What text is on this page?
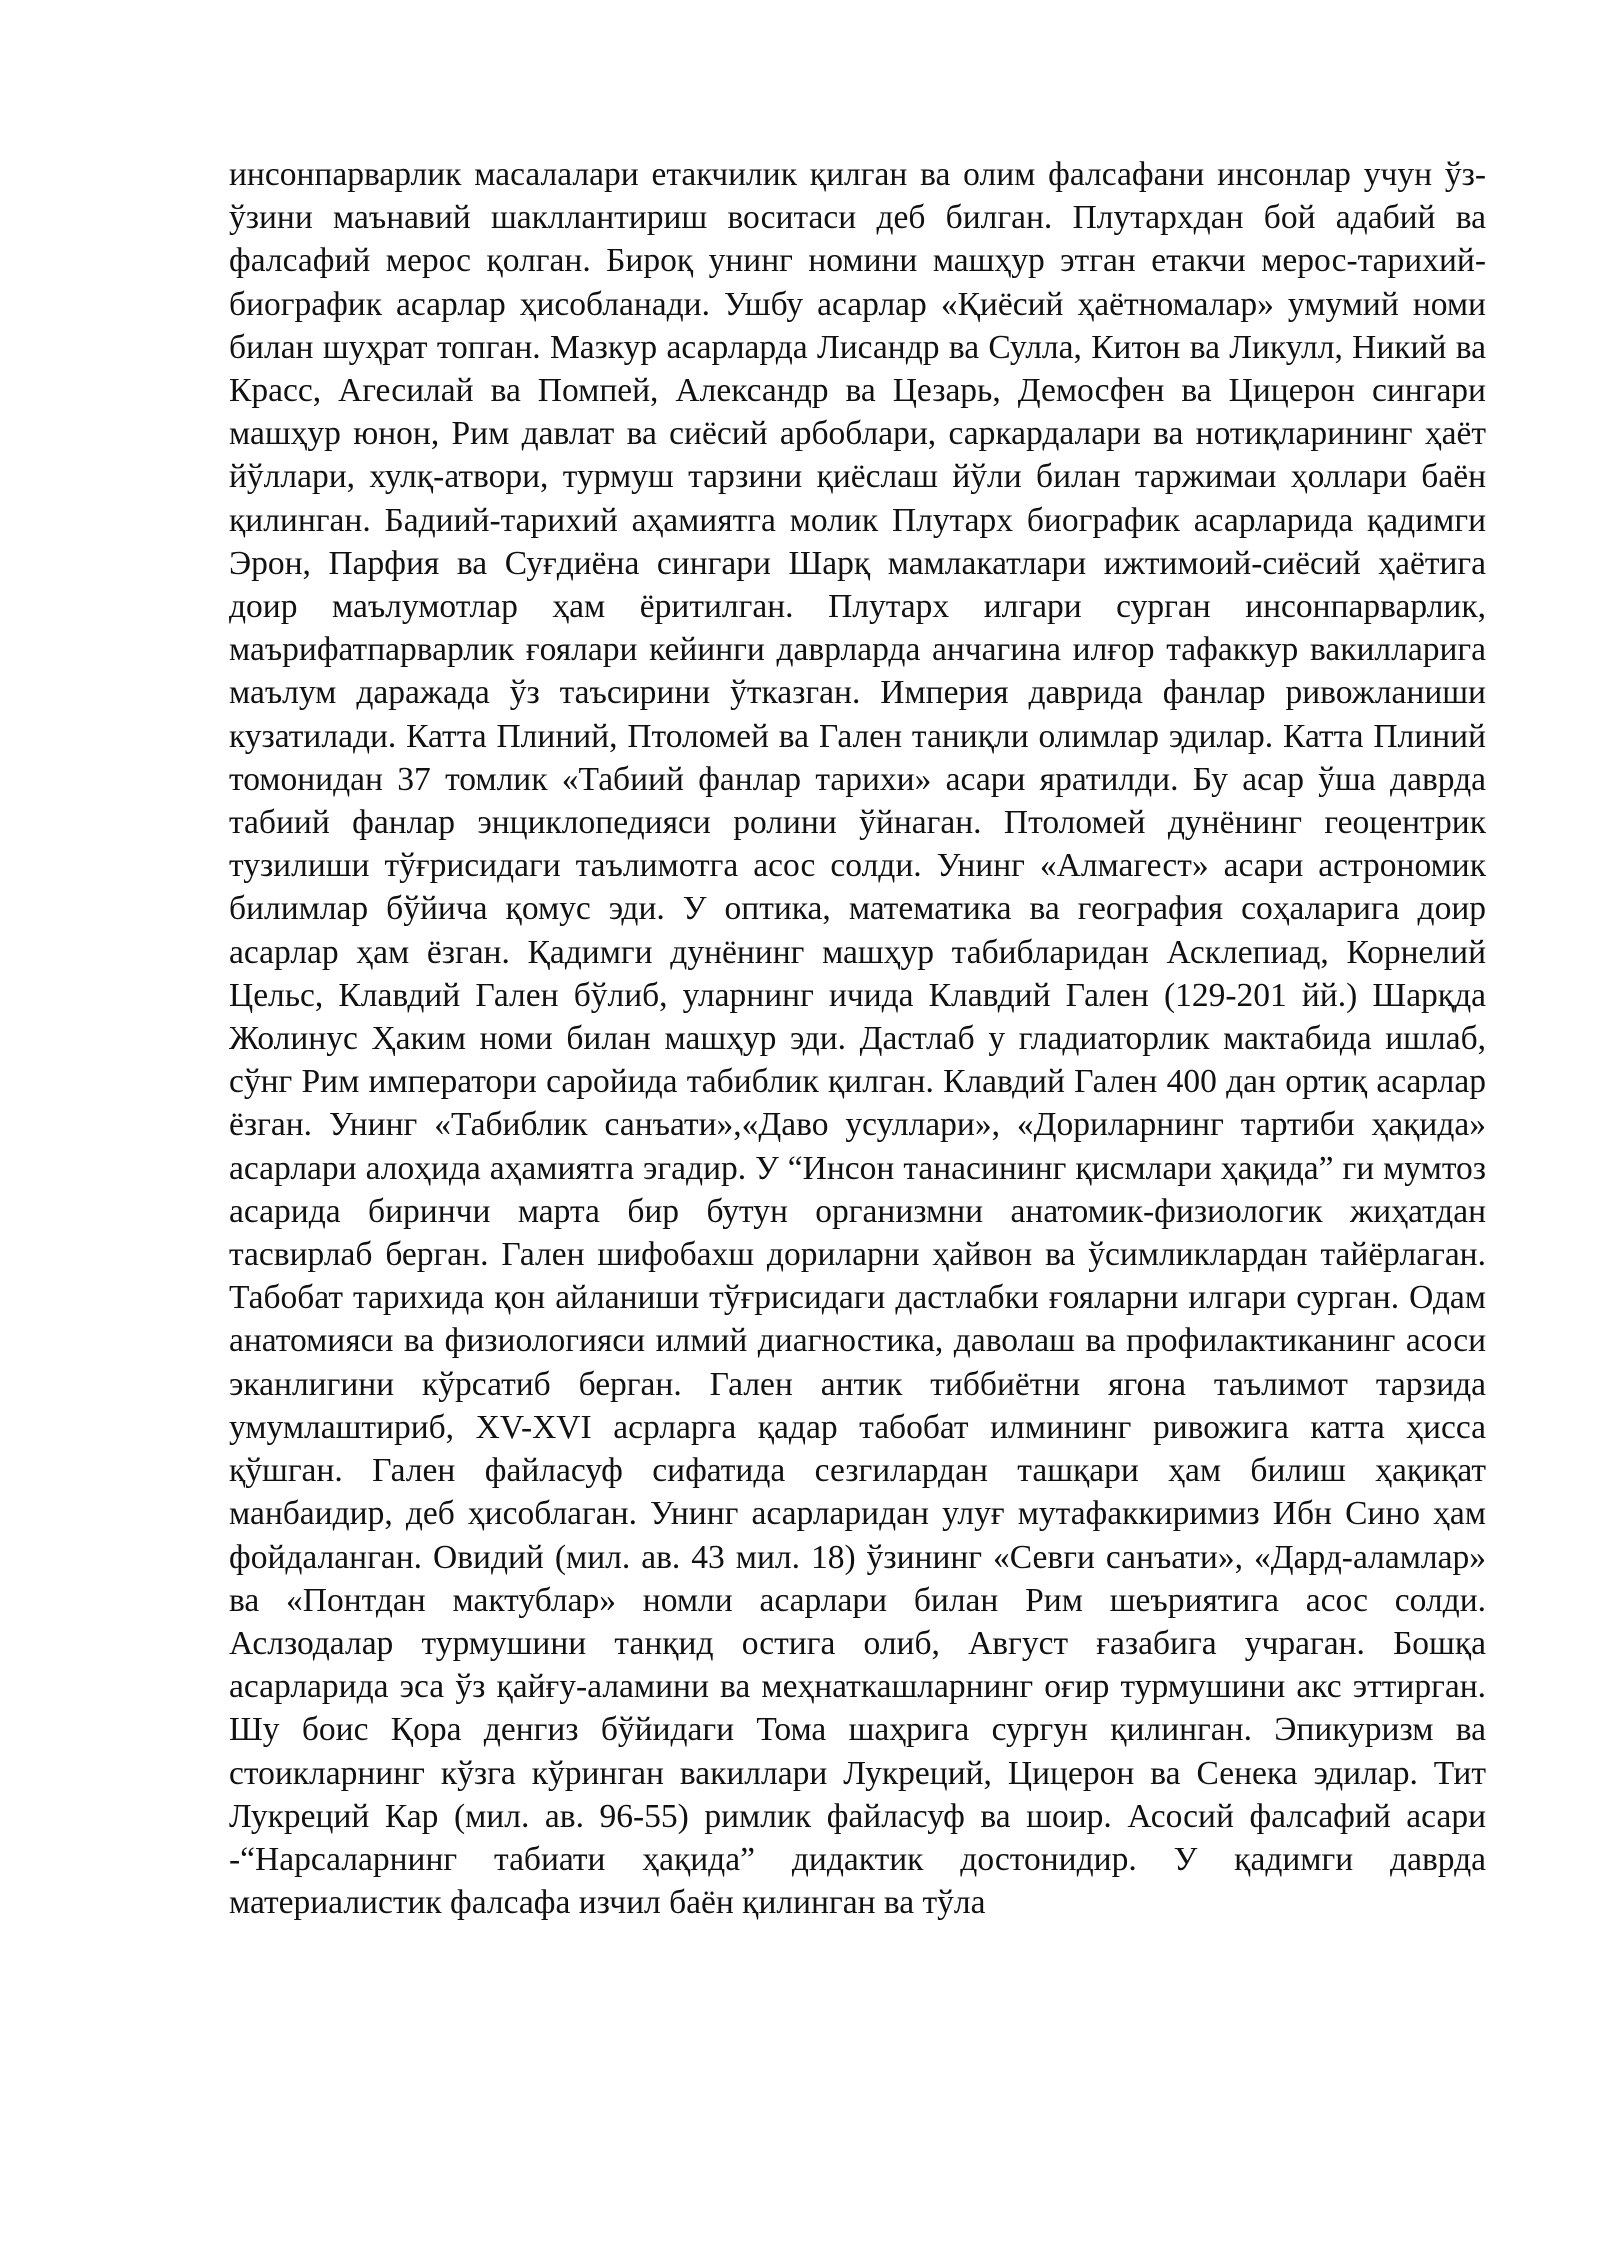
инсонпарварлик масалалари етакчилик қилган ва олим фалсафани инсонлар учун ўз-ўзини маънавий шакллантириш воситаси деб билган. Плутархдан бой адабий ва фалсафий мерос қолган. Бироқ унинг номини машҳур этган етакчи мерос-тарихий-биографик асарлар ҳисобланади. Ушбу асарлар «Қиёсий ҳаётномалар» умумий номи билан шуҳрат топган. Мазкур асарларда Лисандр ва Сулла, Китон ва Ликулл, Никий ва Красс, Агесилай ва Помпей, Александр ва Цезарь, Демосфен ва Цицерон сингари машҳур юнон, Рим давлат ва сиёсий арбоблари, саркардалари ва нотиқларининг ҳаёт йўллари, хулқ-атвори, турмуш тарзини қиёслаш йўли билан таржимаи ҳоллари баён қилинган. Бадиий-тарихий аҳамиятга молик Плутарх биографик асарларида қадимги Эрон, Парфия ва Суғдиёна сингари Шарқ мамлакатлари ижтимоий-сиёсий ҳаётига доир маълумотлар ҳам ёритилган. Плутарх илгари сурган инсонпарварлик, маърифатпарварлик ғоялари кейинги даврларда анчагина илғор тафаккур вакилларига маълум даражада ўз таъсирини ўтказган. Империя даврида фанлар ривожланиши кузатилади. Катта Плиний, Птоломей ва Гален таниқли олимлар эдилар. Катта Плиний томонидан 37 томлик «Табиий фанлар тарихи» асари яратилди. Бу асар ўша даврда табиий фанлар энциклопедияси ролини ўйнаган. Птоломей дунёнинг геоцентрик тузилиши тўғрисидаги таълимотга асос солди. Унинг «Алмагест» асари астрономик билимлар бўйича қомус эди. У оптика, математика ва география соҳаларига доир асарлар ҳам ёзган. Қадимги дунёнинг машҳур табибларидан Асклепиад, Корнелий Цельс, Клавдий Гален бўлиб, уларнинг ичида Клавдий Гален (129-201 йй.) Шарқда Жолинус Ҳаким номи билан машҳур эди. Дастлаб у гладиаторлик мактабида ишлаб, сўнг Рим императори саройида табиблик қилган. Клавдий Гален 400 дан ортиқ асарлар ёзган. Унинг «Табиблик санъати»,«Даво усуллари», «Дориларнинг тартиби ҳақида» асарлари алоҳида аҳамиятга эгадир. У “Инсон танасининг қисмлари ҳақида” ги мумтоз асарида биринчи марта бир бутун организмни анатомик-физиологик жиҳатдан тасвирлаб берган. Гален шифобахш дориларни ҳайвон ва ўсимликлардан тайёрлаган. Табобат тарихида қон айланиши тўғрисидаги дастлабки ғояларни илгари сурган. Одам анатомияси ва физиологияси илмий диагностика, даволаш ва профилактиканинг асоси эканлигини кўрсатиб берган. Гален антик тиббиётни ягона таълимот тарзида умумлаштириб, XV-XVI асрларга қадар табобат илмининг ривожига катта ҳисса қўшган. Гален файласуф сифатида сезгилардан ташқари ҳам билиш ҳақиқат манбаидир, деб ҳисоблаган. Унинг асарларидан улуғ мутафаккиримиз Ибн Сино ҳам фойдаланган. Овидий (мил. ав. 43 мил. 18) ўзининг «Севги санъати», «Дард-аламлар» ва «Понтдан мактублар» номли асарлари билан Рим шеъриятига асос солди. Аслзодалар турмушини танқид остига олиб, Август ғазабига учраган. Бошқа асарларида эса ўз қайғу-аламини ва меҳнаткашларнинг оғир турмушини акс эттирган. Шу боис Қора денгиз бўйидаги Тома шаҳрига сургун қилинган. Эпикуризм ва стоикларнинг кўзга кўринган вакиллари Лукреций, Цицерон ва Сенека эдилар. Тит Лукреций Кар (мил. ав. 96-55) римлик файласуф ва шоир. Асосий фалсафий асари -“Нарсаларнинг табиати ҳақида” дидактик достонидир. У қадимги даврда материалистик фалсафа изчил баён қилинган ва тўла
